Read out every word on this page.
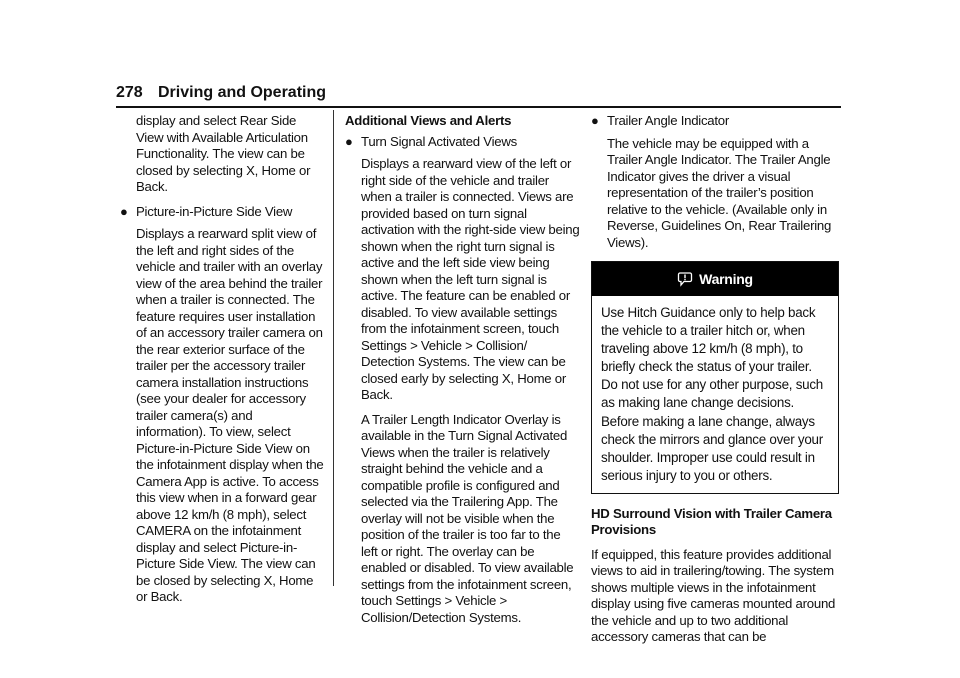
278 Driving and Operating

display and select Rear Side View with Available Articulation Functionality. The view can be closed by selecting X, Home or Back.

● Picture-in-Picture Side View

Displays a rearward split view of the left and right sides of the vehicle and trailer with an overlay view of the area behind the trailer when a trailer is connected. The feature requires user installation of an accessory trailer camera on the rear exterior surface of the trailer per the accessory trailer camera installation instructions (see your dealer for accessory trailer camera(s) and information). To view, select Picture-in-Picture Side View on the infotainment display when the Camera App is active. To access this view when in a forward gear above 12 km/h (8 mph), select CAMERA on the infotainment display and select Picture-in-Picture Side View. The view can be closed by selecting X, Home or Back.

Additional Views and Alerts

● Turn Signal Activated Views

Displays a rearward view of the left or right side of the vehicle and trailer when a trailer is connected. Views are provided based on turn signal activation with the right-side view being shown when the right turn signal is active and the left side view being shown when the left turn signal is active. The feature can be enabled or disabled. To view available settings from the infotainment screen, touch Settings > Vehicle > Collision/ Detection Systems. The view can be closed early by selecting X, Home or Back.

A Trailer Length Indicator Overlay is available in the Turn Signal Activated Views when the trailer is relatively straight behind the vehicle and a compatible profile is configured and selected via the Trailering App. The overlay will not be visible when the position of the trailer is too far to the left or right. The overlay can be enabled or disabled. To view available settings from the infotainment screen, touch Settings > Vehicle > Collision/Detection Systems.

● Trailer Angle Indicator

The vehicle may be equipped with a Trailer Angle Indicator. The Trailer Angle Indicator gives the driver a visual representation of the trailer’s position relative to the vehicle. (Available only in Reverse, Guidelines On, Rear Trailering Views).

Warning
Use Hitch Guidance only to help back the vehicle to a trailer hitch or, when traveling above 12 km/h (8 mph), to briefly check the status of your trailer. Do not use for any other purpose, such as making lane change decisions. Before making a lane change, always check the mirrors and glance over your shoulder. Improper use could result in serious injury to you or others.

HD Surround Vision with Trailer Camera Provisions

If equipped, this feature provides additional views to aid in trailering/towing. The system shows multiple views in the infotainment display using five cameras mounted around the vehicle and up to two additional accessory cameras that can be
